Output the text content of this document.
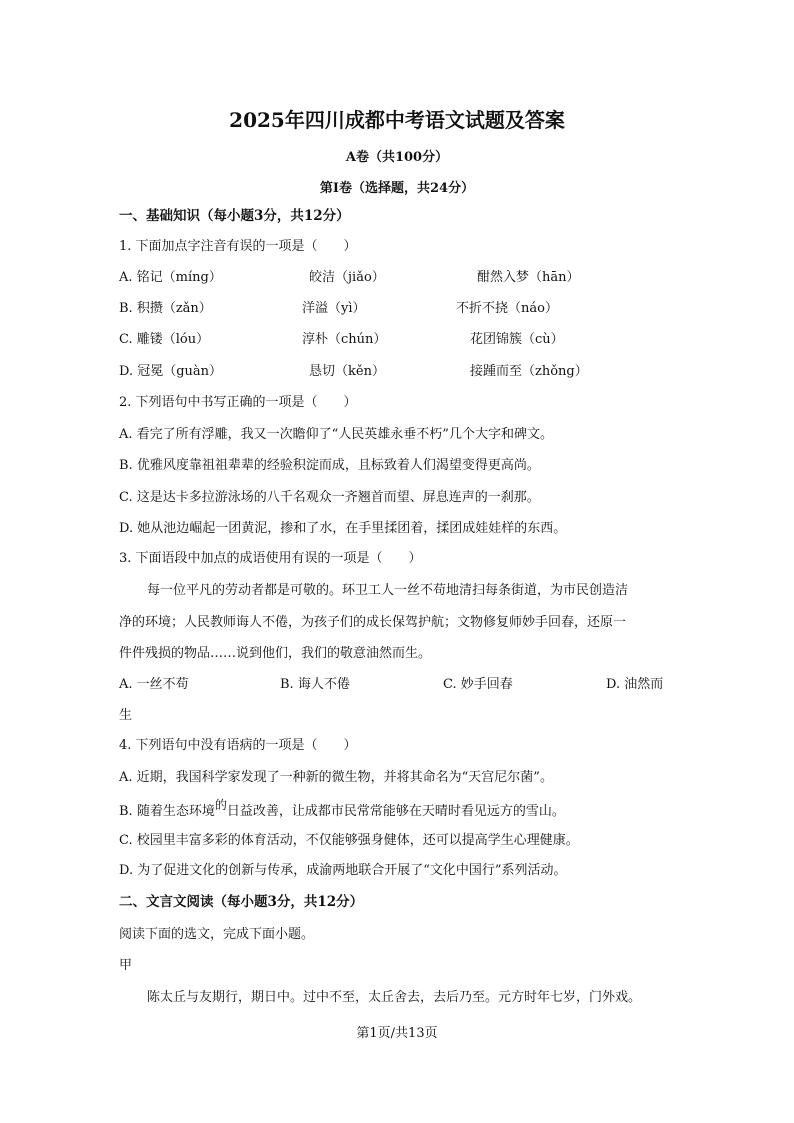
2025年四川成都中考语文试题及答案
A卷（共100分）
第I卷（选择题，共24分）
一、基础知识（每小题3分，共12分）
1. 下面加点字注音有误的一项是（　　）
A. 铭记（míng）	皎洁（jiǎo）	酣然入梦（hān）
B. 积攒（zǎn）	洋溢（yì）	不折不挠（náo）
C. 雕镂（lóu）	淳朴（chún）	花团锦簇（cù）
D. 冠冕（guàn）	恳切（kěn）	接踵而至（zhǒng）
2. 下列语句中书写正确的一项是（　　）
A. 看完了所有浮雕，我又一次瞻仰了“人民英雄永垂不朽”几个大字和碑文。
B. 优雅风度靠祖祖辈辈的经验积淀而成，且标致着人们渴望变得更高尚。
C. 这是达卡多拉游泳场的八千名观众一齐翘首而望、屏息连声的一刹那。
D. 她从池边崛起一团黄泥，掺和了水，在手里揉团着，揉团成娃娃样的东西。
3. 下面语段中加点的成语使用有误的一项是（　　）
每一位平凡的劳动者都是可敬的。环卫工人一丝不苟地清扫每条街道，为市民创造洁
净的环境；人民教师诲人不倦，为孩子们的成长保驾护航；文物修复师妙手回春，还原一
件件残损的物品……说到他们，我们的敬意油然而生。
A. 一丝不苟	B. 诲人不倦	C. 妙手回春	D. 油然而
生
4. 下列语句中没有语病的一项是（　　）
A. 近期，我国科学家发现了一种新的微生物，并将其命名为“天宫尼尔菌”。
B. 随着生态环境的日益改善，让成都市民常常能够在天晴时看见远方的雪山。
C. 校园里丰富多彩的体育活动，不仅能够强身健体，还可以提高学生心理健康。
D. 为了促进文化的创新与传承，成渝两地联合开展了“文化中国行”系列活动。
二、文言文阅读（每小题3分，共12分）
阅读下面的选文，完成下面小题。
甲
陈太丘与友期行，期日中。过中不至，太丘舍去，去后乃至。元方时年七岁，门外戏。
第1页/共13页
